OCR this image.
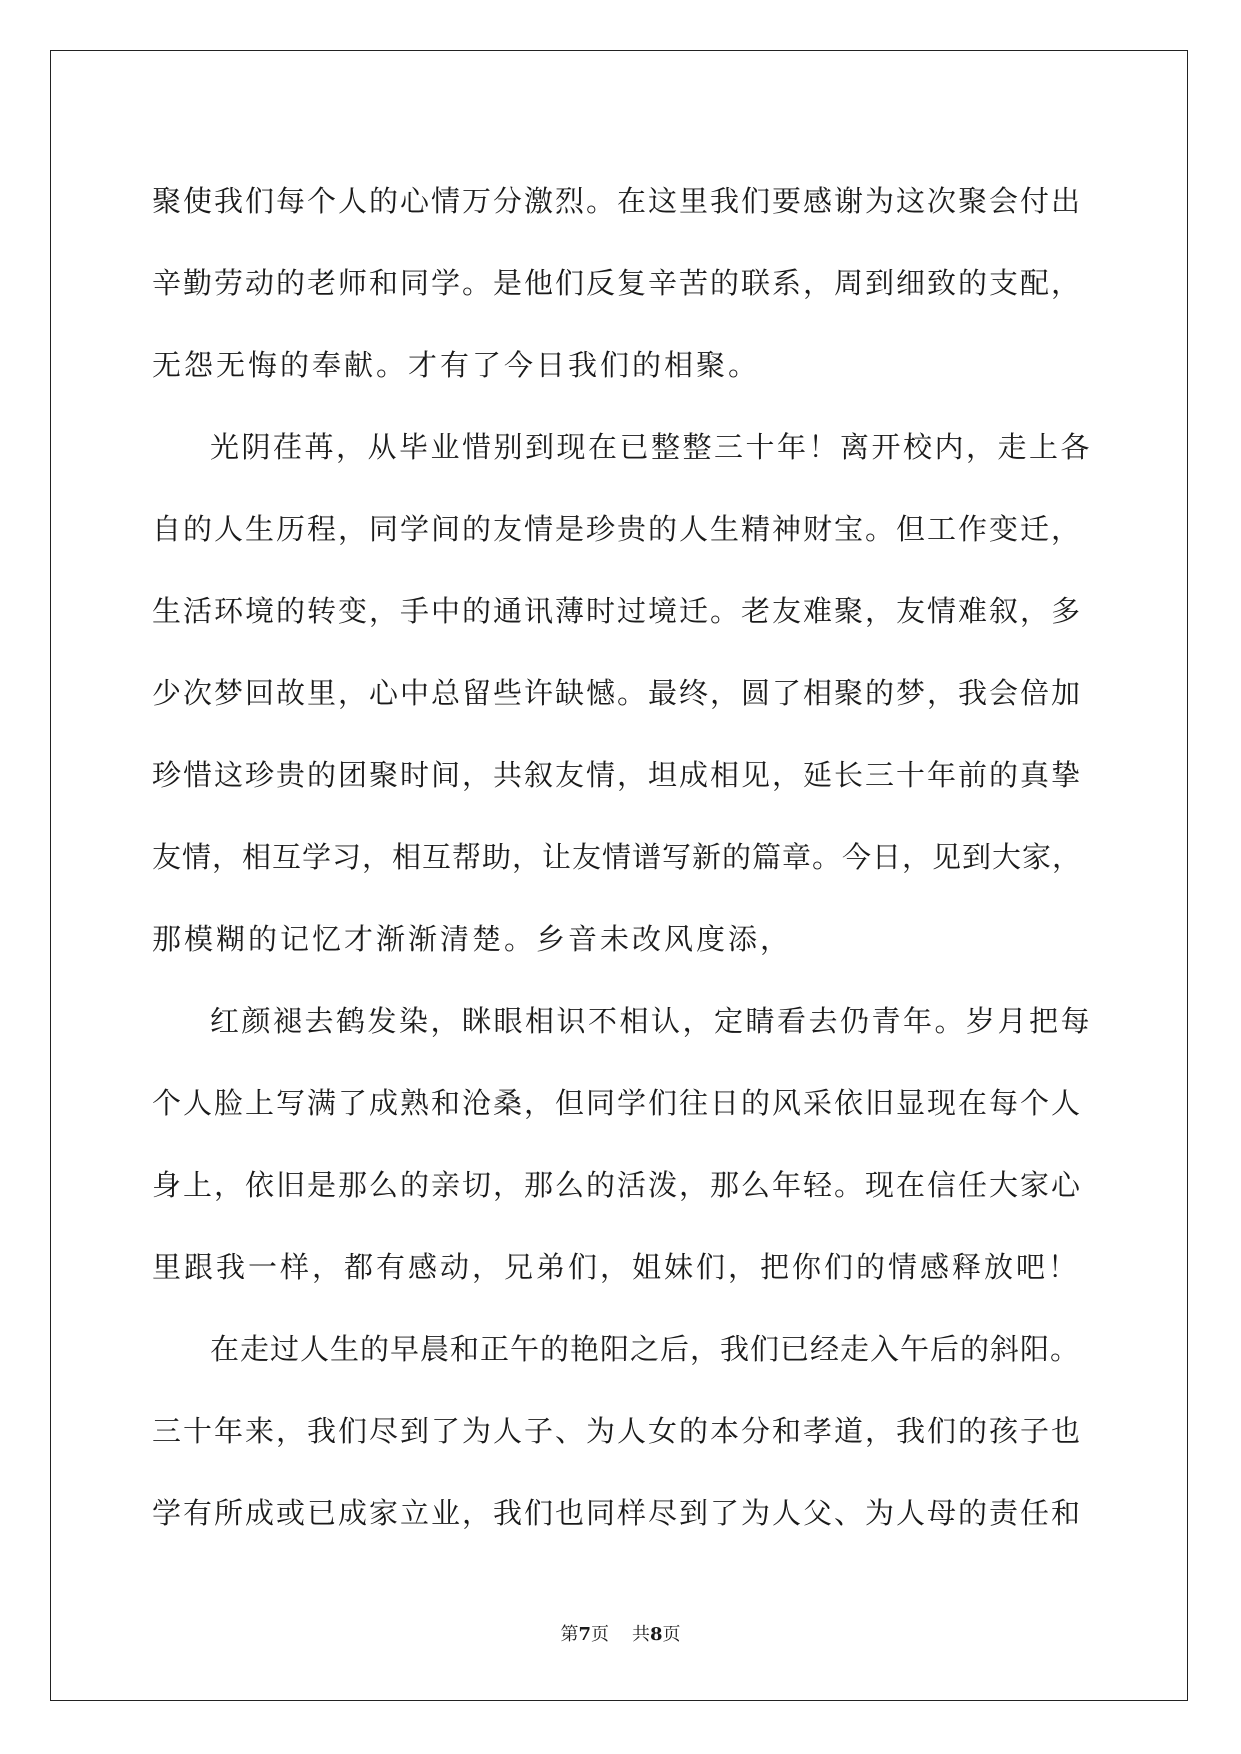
聚使我们每个人的心情万分激烈。在这里我们要感谢为这次聚会付出
辛勤劳动的老师和同学。是他们反复辛苦的联系，周到细致的支配，
无怨无悔的奉献。才有了今日我们的相聚。
光阴荏苒，从毕业惜别到现在已整整三十年！离开校内，走上各
自的人生历程，同学间的友情是珍贵的人生精神财宝。但工作变迁，
生活环境的转变，手中的通讯薄时过境迁。老友难聚，友情难叙，多
少次梦回故里，心中总留些许缺憾。最终，圆了相聚的梦，我会倍加
珍惜这珍贵的团聚时间，共叙友情，坦成相见，延长三十年前的真挚
友情，相互学习，相互帮助，让友情谱写新的篇章。今日，见到大家，
那模糊的记忆才渐渐清楚。乡音未改风度添，
红颜褪去鹤发染，眯眼相识不相认，定睛看去仍青年。岁月把每
个人脸上写满了成熟和沧桑，但同学们往日的风采依旧显现在每个人
身上，依旧是那么的亲切，那么的活泼，那么年轻。现在信任大家心
里跟我一样，都有感动，兄弟们，姐妹们，把你们的情感释放吧！
在走过人生的早晨和正午的艳阳之后，我们已经走入午后的斜阳。
三十年来，我们尽到了为人子、为人女的本分和孝道，我们的孩子也
学有所成或已成家立业，我们也同样尽到了为人父、为人母的责任和
第7页 共8页
